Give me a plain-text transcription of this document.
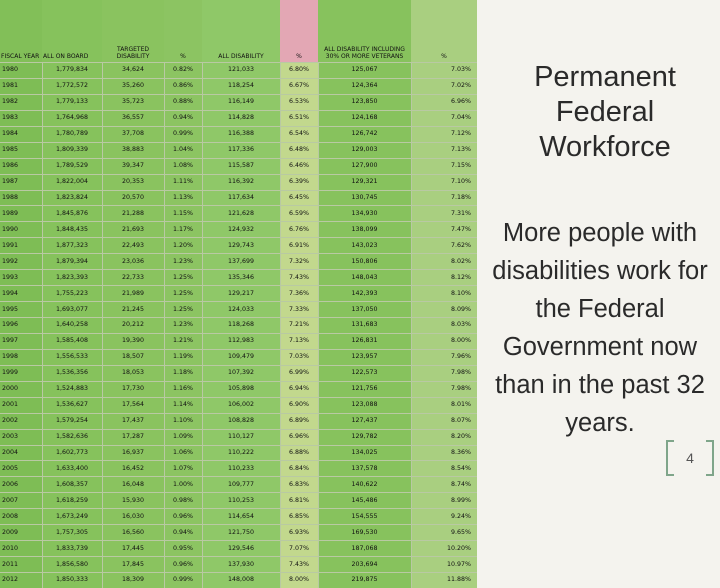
FISCAL YEAR	ALL ON BOARD	TARGETED DISABILITY	%	ALL DISABILITY	%	ALL DISABILITY INCLUDING 30% OR MORE VETERANS	%
1980	1,779,834	34,624	0.82%	121,033	6.80%	125,067	7.03%
1981	1,772,572	35,260	0.86%	118,254	6.67%	124,364	7.02%
1982	1,779,133	35,723	0.88%	116,149	6.53%	123,850	6.96%
1983	1,764,968	36,557	0.94%	114,828	6.51%	124,168	7.04%
1984	1,780,789	37,708	0.99%	116,388	6.54%	126,742	7.12%
1985	1,809,339	38,883	1.04%	117,336	6.48%	129,003	7.13%
1986	1,789,529	39,347	1.08%	115,587	6.46%	127,900	7.15%
1987	1,822,004	20,353	1.11%	116,392	6.39%	129,321	7.10%
1988	1,823,824	20,570	1.13%	117,634	6.45%	130,745	7.18%
1989	1,845,876	21,288	1.15%	121,628	6.59%	134,930	7.31%
1990	1,848,435	21,693	1.17%	124,932	6.76%	138,099	7.47%
1991	1,877,323	22,493	1.20%	129,743	6.91%	143,023	7.62%
1992	1,879,394	23,036	1.23%	137,699	7.32%	150,806	8.02%
1993	1,823,393	22,733	1.25%	135,346	7.43%	148,043	8.12%
1994	1,755,223	21,989	1.25%	129,217	7.36%	142,393	8.10%
1995	1,693,077	21,245	1.25%	124,033	7.33%	137,050	8.09%
1996	1,640,258	20,212	1.23%	118,268	7.21%	131,683	8.03%
1997	1,585,408	19,390	1.21%	112,983	7.13%	126,831	8.00%
1998	1,556,533	18,507	1.19%	109,479	7.03%	123,957	7.96%
1999	1,536,356	18,053	1.18%	107,392	6.99%	122,573	7.98%
2000	1,524,883	17,730	1.16%	105,898	6.94%	121,756	7.98%
2001	1,536,627	17,564	1.14%	106,002	6.90%	123,088	8.01%
2002	1,579,254	17,437	1.10%	108,828	6.89%	127,437	8.07%
2003	1,582,636	17,287	1.09%	110,127	6.96%	129,782	8.20%
2004	1,602,773	16,937	1.06%	110,222	6.88%	134,025	8.36%
2005	1,633,400	16,452	1.07%	110,233	6.84%	137,578	8.54%
2006	1,608,357	16,048	1.00%	109,777	6.83%	140,622	8.74%
2007	1,618,259	15,930	0.98%	110,253	6.81%	145,486	8.99%
2008	1,673,249	16,030	0.96%	114,654	6.85%	154,555	9.24%
2009	1,757,305	16,560	0.94%	121,750	6.93%	169,530	9.65%
2010	1,833,739	17,445	0.95%	129,546	7.07%	187,068	10.20%
2011	1,856,580	17,845	0.96%	137,930	7.43%	203,694	10.97%
2012	1,850,333	18,309	0.99%	148,008	8.00%	219,875	11.88%
Permanent Federal Workforce
More people with disabilities work for the Federal Government now than in the past 32 years.
4
